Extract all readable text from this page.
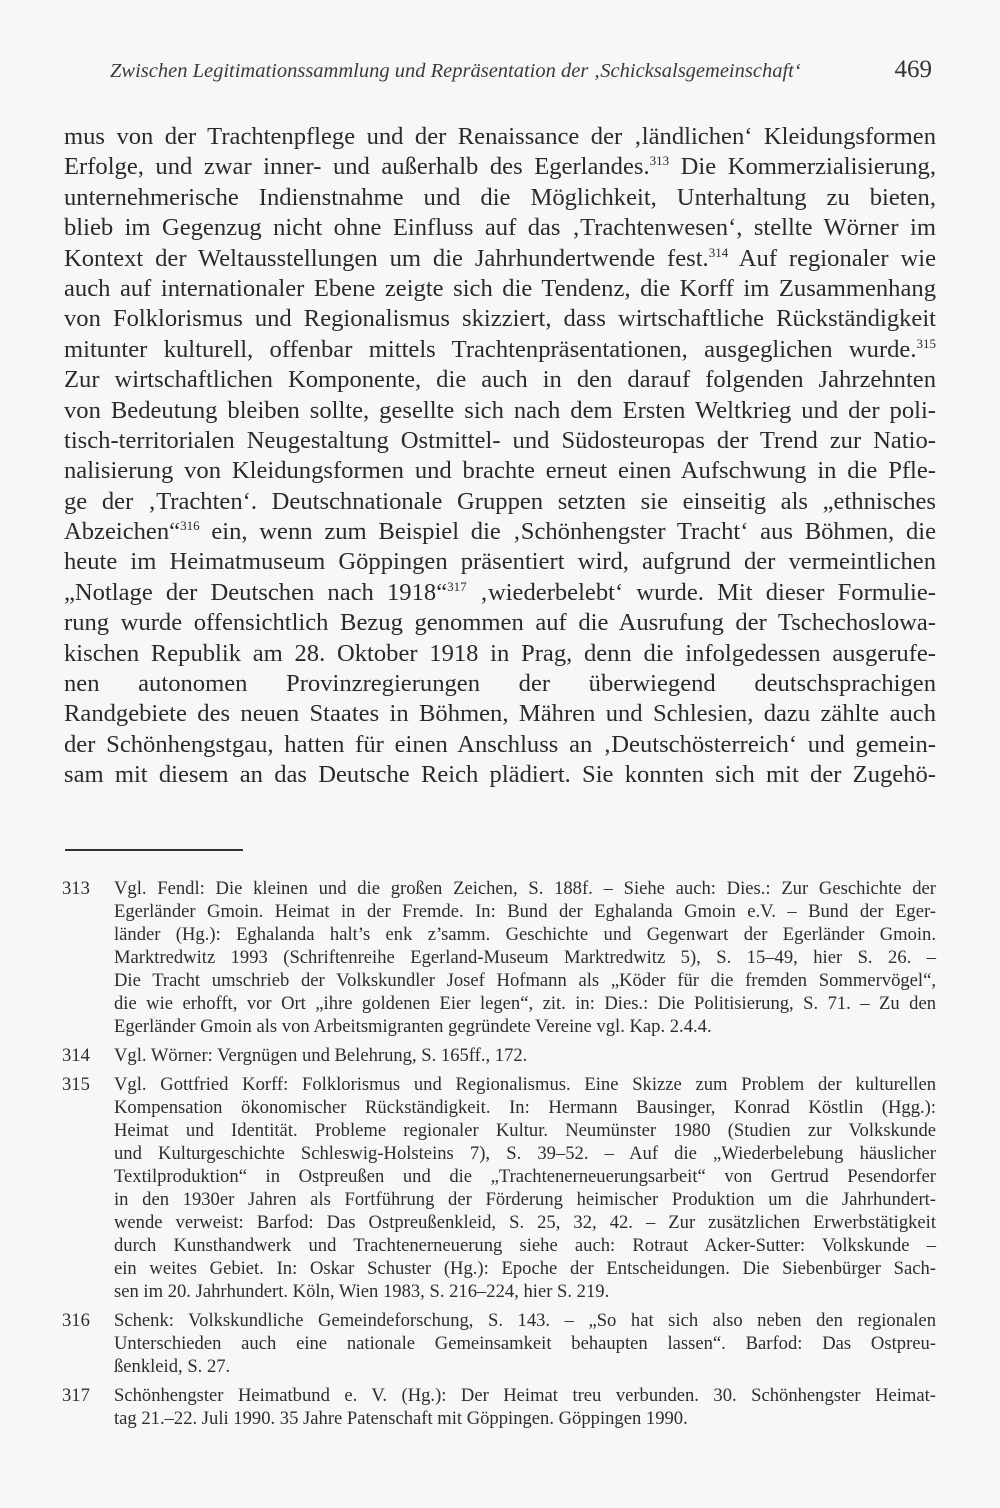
Zwischen Legitimationssammlung und Repräsentation der ‚Schicksalsgemeinschaft‘	469
mus von der Trachtenpflege und der Renaissance der ‚ländlichen‘ Kleidungsformen
Erfolge, und zwar inner- und außerhalb des Egerlandes.$^{313}$ Die Kommerzialisierung,
unternehmerische Indienstnahme und die Möglichkeit, Unterhaltung zu bieten,
blieb im Gegenzug nicht ohne Einfluss auf das ‚Trachtenwesen‘, stellte Wörner im
Kontext der Weltausstellungen um die Jahrhundertwende fest.$^{314}$ Auf regionaler wie
auch auf internationaler Ebene zeigte sich die Tendenz, die Korff im Zusammenhang
von Folklorismus und Regionalismus skizziert, dass wirtschaftliche Rückständigkeit
mitunter kulturell, offenbar mittels Trachtenpräsentationen, ausgeglichen wurde.$^{315}$
Zur wirtschaftlichen Komponente, die auch in den darauf folgenden Jahrzehnten
von Bedeutung bleiben sollte, gesellte sich nach dem Ersten Weltkrieg und der poli-
tisch-territorialen Neugestaltung Ostmittel- und Südosteuropas der Trend zur Natio-
nalisierung von Kleidungsformen und brachte erneut einen Aufschwung in die Pfle-
ge der ‚Trachten‘. Deutschnationale Gruppen setzten sie einseitig als „ethnisches
Abzeichen“$^{316}$ ein, wenn zum Beispiel die ‚Schönhengster Tracht‘ aus Böhmen, die
heute im Heimatmuseum Göppingen präsentiert wird, aufgrund der vermeintlichen
„Notlage der Deutschen nach 1918“$^{317}$ ‚wiederbelebt‘ wurde. Mit dieser Formulie-
rung wurde offensichtlich Bezug genommen auf die Ausrufung der Tschechoslowa-
kischen Republik am 28. Oktober 1918 in Prag, denn die infolgedessen ausgerufe-
nen autonomen Provinzregierungen der überwiegend deutschsprachigen
Randgebiete des neuen Staates in Böhmen, Mähren und Schlesien, dazu zählte auch
der Schönhengstgau, hatten für einen Anschluss an ‚Deutschösterreich‘ und gemein-
sam mit diesem an das Deutsche Reich plädiert. Sie konnten sich mit der Zugehö-
313 Vgl. Fendl: Die kleinen und die großen Zeichen, S. 188f. – Siehe auch: Dies.: Zur Geschichte der
Egerländer Gmoin. Heimat in der Fremde. In: Bund der Eghalanda Gmoin e.V. – Bund der Eger-
länder (Hg.): Eghalanda halt’s enk z’samm. Geschichte und Gegenwart der Egerländer Gmoin.
Marktredwitz 1993 (Schriftenreihe Egerland-Museum Marktredwitz 5), S. 15–49, hier S. 26. –
Die Tracht umschrieb der Volkskundler Josef Hofmann als „Köder für die fremden Sommervögel“,
die wie erhofft, vor Ort „ihre goldenen Eier legen“, zit. in: Dies.: Die Politisierung, S. 71. – Zu den
Egerländer Gmoin als von Arbeitsmigranten gegründete Vereine vgl. Kap. 2.4.4.
314 Vgl. Wörner: Vergnügen und Belehrung, S. 165ff., 172.
315 Vgl. Gottfried Korff: Folklorismus und Regionalismus. Eine Skizze zum Problem der kulturellen
Kompensation ökonomischer Rückständigkeit. In: Hermann Bausinger, Konrad Köstlin (Hgg.):
Heimat und Identität. Probleme regionaler Kultur. Neumünster 1980 (Studien zur Volkskunde
und Kulturgeschichte Schleswig-Holsteins 7), S. 39–52. – Auf die „Wiederbelebung häuslicher
Textilproduktion“ in Ostpreußen und die „Trachtenerneuerungsarbeit“ von Gertrud Pesendorfer
in den 1930er Jahren als Fortführung der Förderung heimischer Produktion um die Jahrhundert-
wende verweist: Barfod: Das Ostpreußenkleid, S. 25, 32, 42. – Zur zusätzlichen Erwerbstätigkeit
durch Kunsthandwerk und Trachtenerneuerung siehe auch: Rotraut Acker-Sutter: Volkskunde –
ein weites Gebiet. In: Oskar Schuster (Hg.): Epoche der Entscheidungen. Die Siebenbürger Sach-
sen im 20. Jahrhundert. Köln, Wien 1983, S. 216–224, hier S. 219.
316 Schenk: Volkskundliche Gemeindeforschung, S. 143. – „So hat sich also neben den regionalen
Unterschieden auch eine nationale Gemeinsamkeit behaupten lassen“. Barfod: Das Ostpreu-
ßenkleid, S. 27.
317 Schönhengster Heimatbund e. V. (Hg.): Der Heimat treu verbunden. 30. Schönhengster Heimat-
tag 21.–22. Juli 1990. 35 Jahre Patenschaft mit Göppingen. Göppingen 1990.
